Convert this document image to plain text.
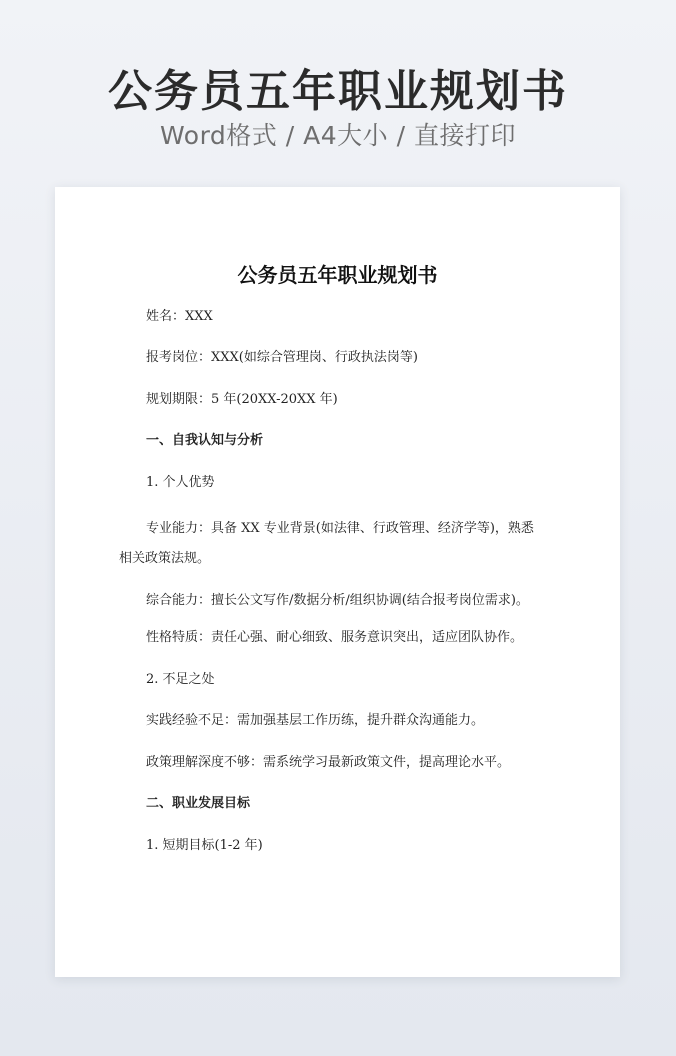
公务员五年职业规划书
Word格式 / A4大小 / 直接打印
公务员五年职业规划书

姓名：XXX

报考岗位：XXX(如综合管理岗、行政执法岗等)

规划期限：5 年(20XX-20XX 年)

一、自我认知与分析

1. 个人优势

专业能力：具备 XX 专业背景(如法律、行政管理、经济学等)，熟悉相关政策法规。

综合能力：擅长公文写作/数据分析/组织协调(结合报考岗位需求)。

性格特质：责任心强、耐心细致、服务意识突出，适应团队协作。

2. 不足之处

实践经验不足：需加强基层工作历练，提升群众沟通能力。

政策理解深度不够：需系统学习最新政策文件，提高理论水平。

二、职业发展目标

1. 短期目标(1-2 年)
